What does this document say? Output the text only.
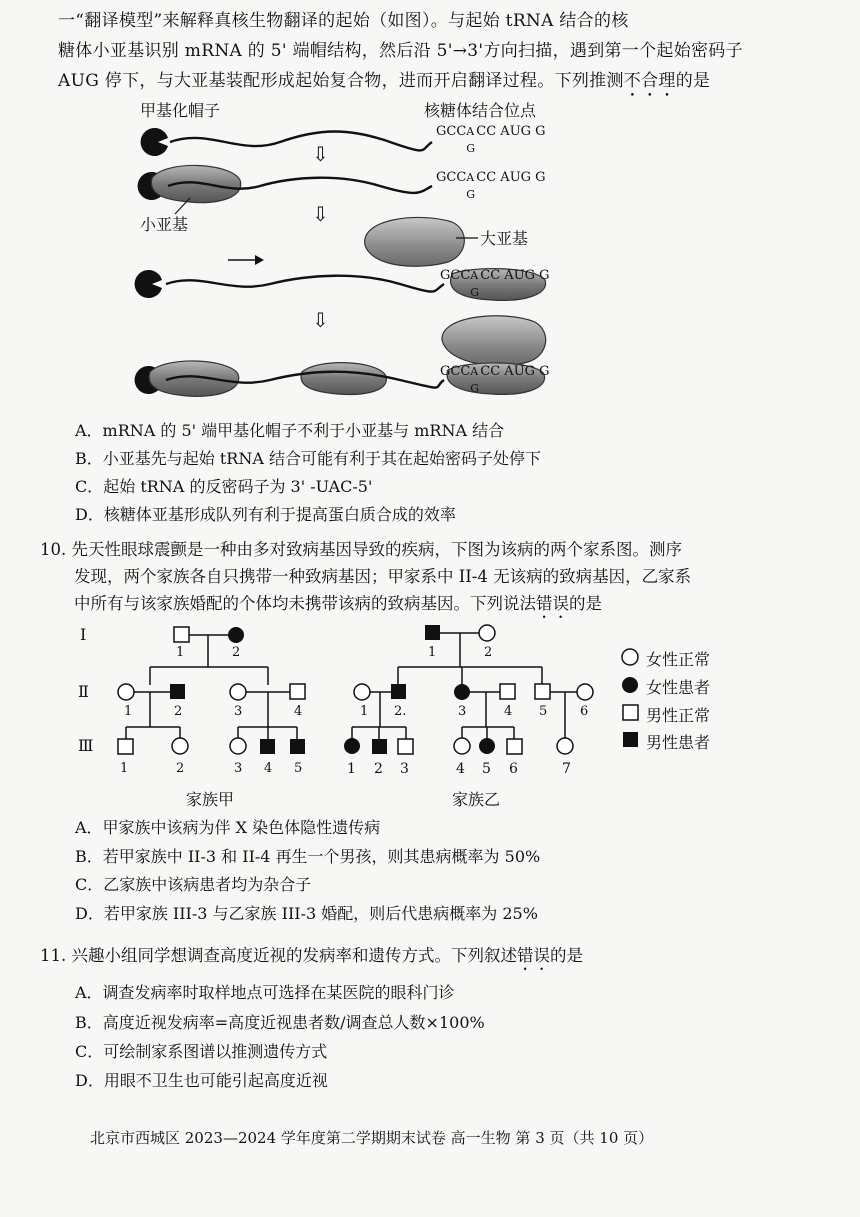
一“翻译模型”来解释真核生物翻译的起始（如图）。与起始 tRNA 结合的核
糖体小亚基识别 mRNA 的 5' 端帽结构，然后沿 5'→3'方向扫描，遇到第一个起始密码子
AUG 停下，与大亚基装配形成起始复合物，进而开启翻译过程。下列推测不合理的是
甲基化帽子	核糖体结合位点
小亚基
大亚基
⇩
⇩
⇩
GCC A
G
CC AUG G
GCC A
G
CC AUG G
GCC A
G
CC AUG G
GCC A
G
CC AUG G
A．mRNA 的 5' 端甲基化帽子不利于小亚基与 mRNA 结合
B．小亚基先与起始 tRNA 结合可能有利于其在起始密码子处停下
C．起始 tRNA 的反密码子为 3' -UAC-5'
D．核糖体亚基形成队列有利于提高蛋白质合成的效率
10. 先天性眼球震颤是一种由多对致病基因导致的疾病，下图为该病的两个家系图。测序
发现，两个家族各自只携带一种致病基因；甲家系中 II-4 无该病的致病基因，乙家系
中所有与该家族婚配的个体均未携带该病的致病基因。下列说法错误的是
I
Ⅱ
Ⅲ
1	2
1	2	3	4
1	2	3 4 5
1	2
1 2.	3	4 5	6
1 2 3	4 5 6	7
家族甲	家族乙
女性正常
女性患者
男性正常
男性患者
A．甲家族中该病为伴 X 染色体隐性遗传病
B．若甲家族中 II-3 和 II-4 再生一个男孩，则其患病概率为 50%
C．乙家族中该病患者均为杂合子
D．若甲家族 III-3 与乙家族 III-3 婚配，则后代患病概率为 25%
11. 兴趣小组同学想调查高度近视的发病率和遗传方式。下列叙述错误的是
A．调查发病率时取样地点可选择在某医院的眼科门诊
B．高度近视发病率=高度近视患者数/调查总人数×100%
C．可绘制家系图谱以推测遗传方式
D．用眼不卫生也可能引起高度近视
北京市西城区 2023—2024 学年度第二学期期末试卷 高一生物 第 3 页（共 10 页）
